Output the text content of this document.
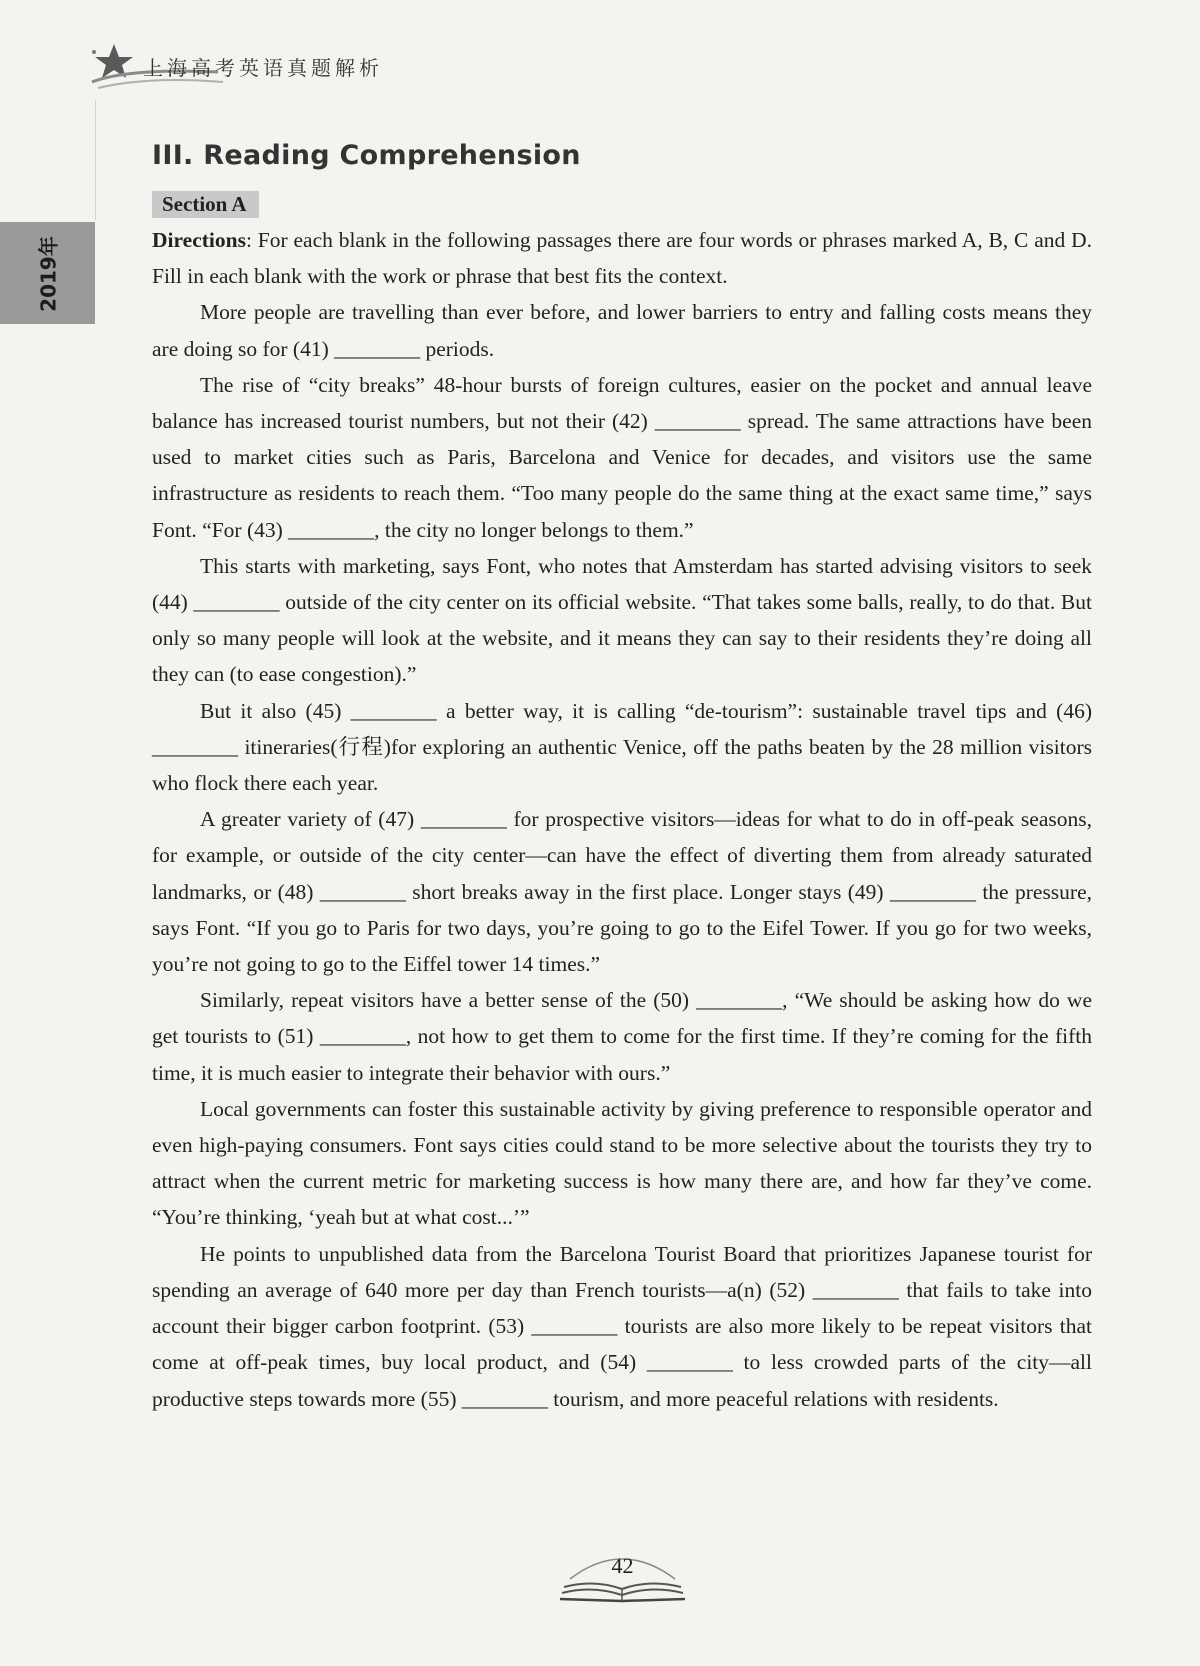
上海高考英语真题解析
2019年
III. Reading Comprehension
Section A

Directions: For each blank in the following passages there are four words or phrases marked A, B, C and D. Fill in each blank with the work or phrase that best fits the context.

More people are travelling than ever before, and lower barriers to entry and falling costs means they are doing so for (41) ________ periods.

The rise of “city breaks” 48-hour bursts of foreign cultures, easier on the pocket and annual leave balance has increased tourist numbers, but not their (42) ________ spread. The same attractions have been used to market cities such as Paris, Barcelona and Venice for decades, and visitors use the same infrastructure as residents to reach them. “Too many people do the same thing at the exact same time,” says Font. “For (43) ________, the city no longer belongs to them.”

This starts with marketing, says Font, who notes that Amsterdam has started advising visitors to seek (44) ________ outside of the city center on its official website. “That takes some balls, really, to do that. But only so many people will look at the website, and it means they can say to their residents they’re doing all they can (to ease congestion).”

But it also (45) ________ a better way, it is calling “de-tourism”: sustainable travel tips and (46) ________ itineraries(行程)for exploring an authentic Venice, off the paths beaten by the 28 million visitors who flock there each year.

A greater variety of (47) ________ for prospective visitors—ideas for what to do in off-peak seasons, for example, or outside of the city center—can have the effect of diverting them from already saturated landmarks, or (48) ________ short breaks away in the first place. Longer stays (49) ________ the pressure, says Font. “If you go to Paris for two days, you’re going to go to the Eifel Tower. If you go for two weeks, you’re not going to go to the Eiffel tower 14 times.”

Similarly, repeat visitors have a better sense of the (50) ________, “We should be asking how do we get tourists to (51) ________, not how to get them to come for the first time. If they’re coming for the fifth time, it is much easier to integrate their behavior with ours.”

Local governments can foster this sustainable activity by giving preference to responsible operator and even high-paying consumers. Font says cities could stand to be more selective about the tourists they try to attract when the current metric for marketing success is how many there are, and how far they’ve come. “You’re thinking, ‘yeah but at what cost...’”

He points to unpublished data from the Barcelona Tourist Board that prioritizes Japanese tourist for spending an average of 640 more per day than French tourists—a(n) (52) ________ that fails to take into account their bigger carbon footprint. (53) ________ tourists are also more likely to be repeat visitors that come at off-peak times, buy local product, and (54) ________ to less crowded parts of the city—all productive steps towards more (55) ________ tourism, and more peaceful relations with residents.

42
